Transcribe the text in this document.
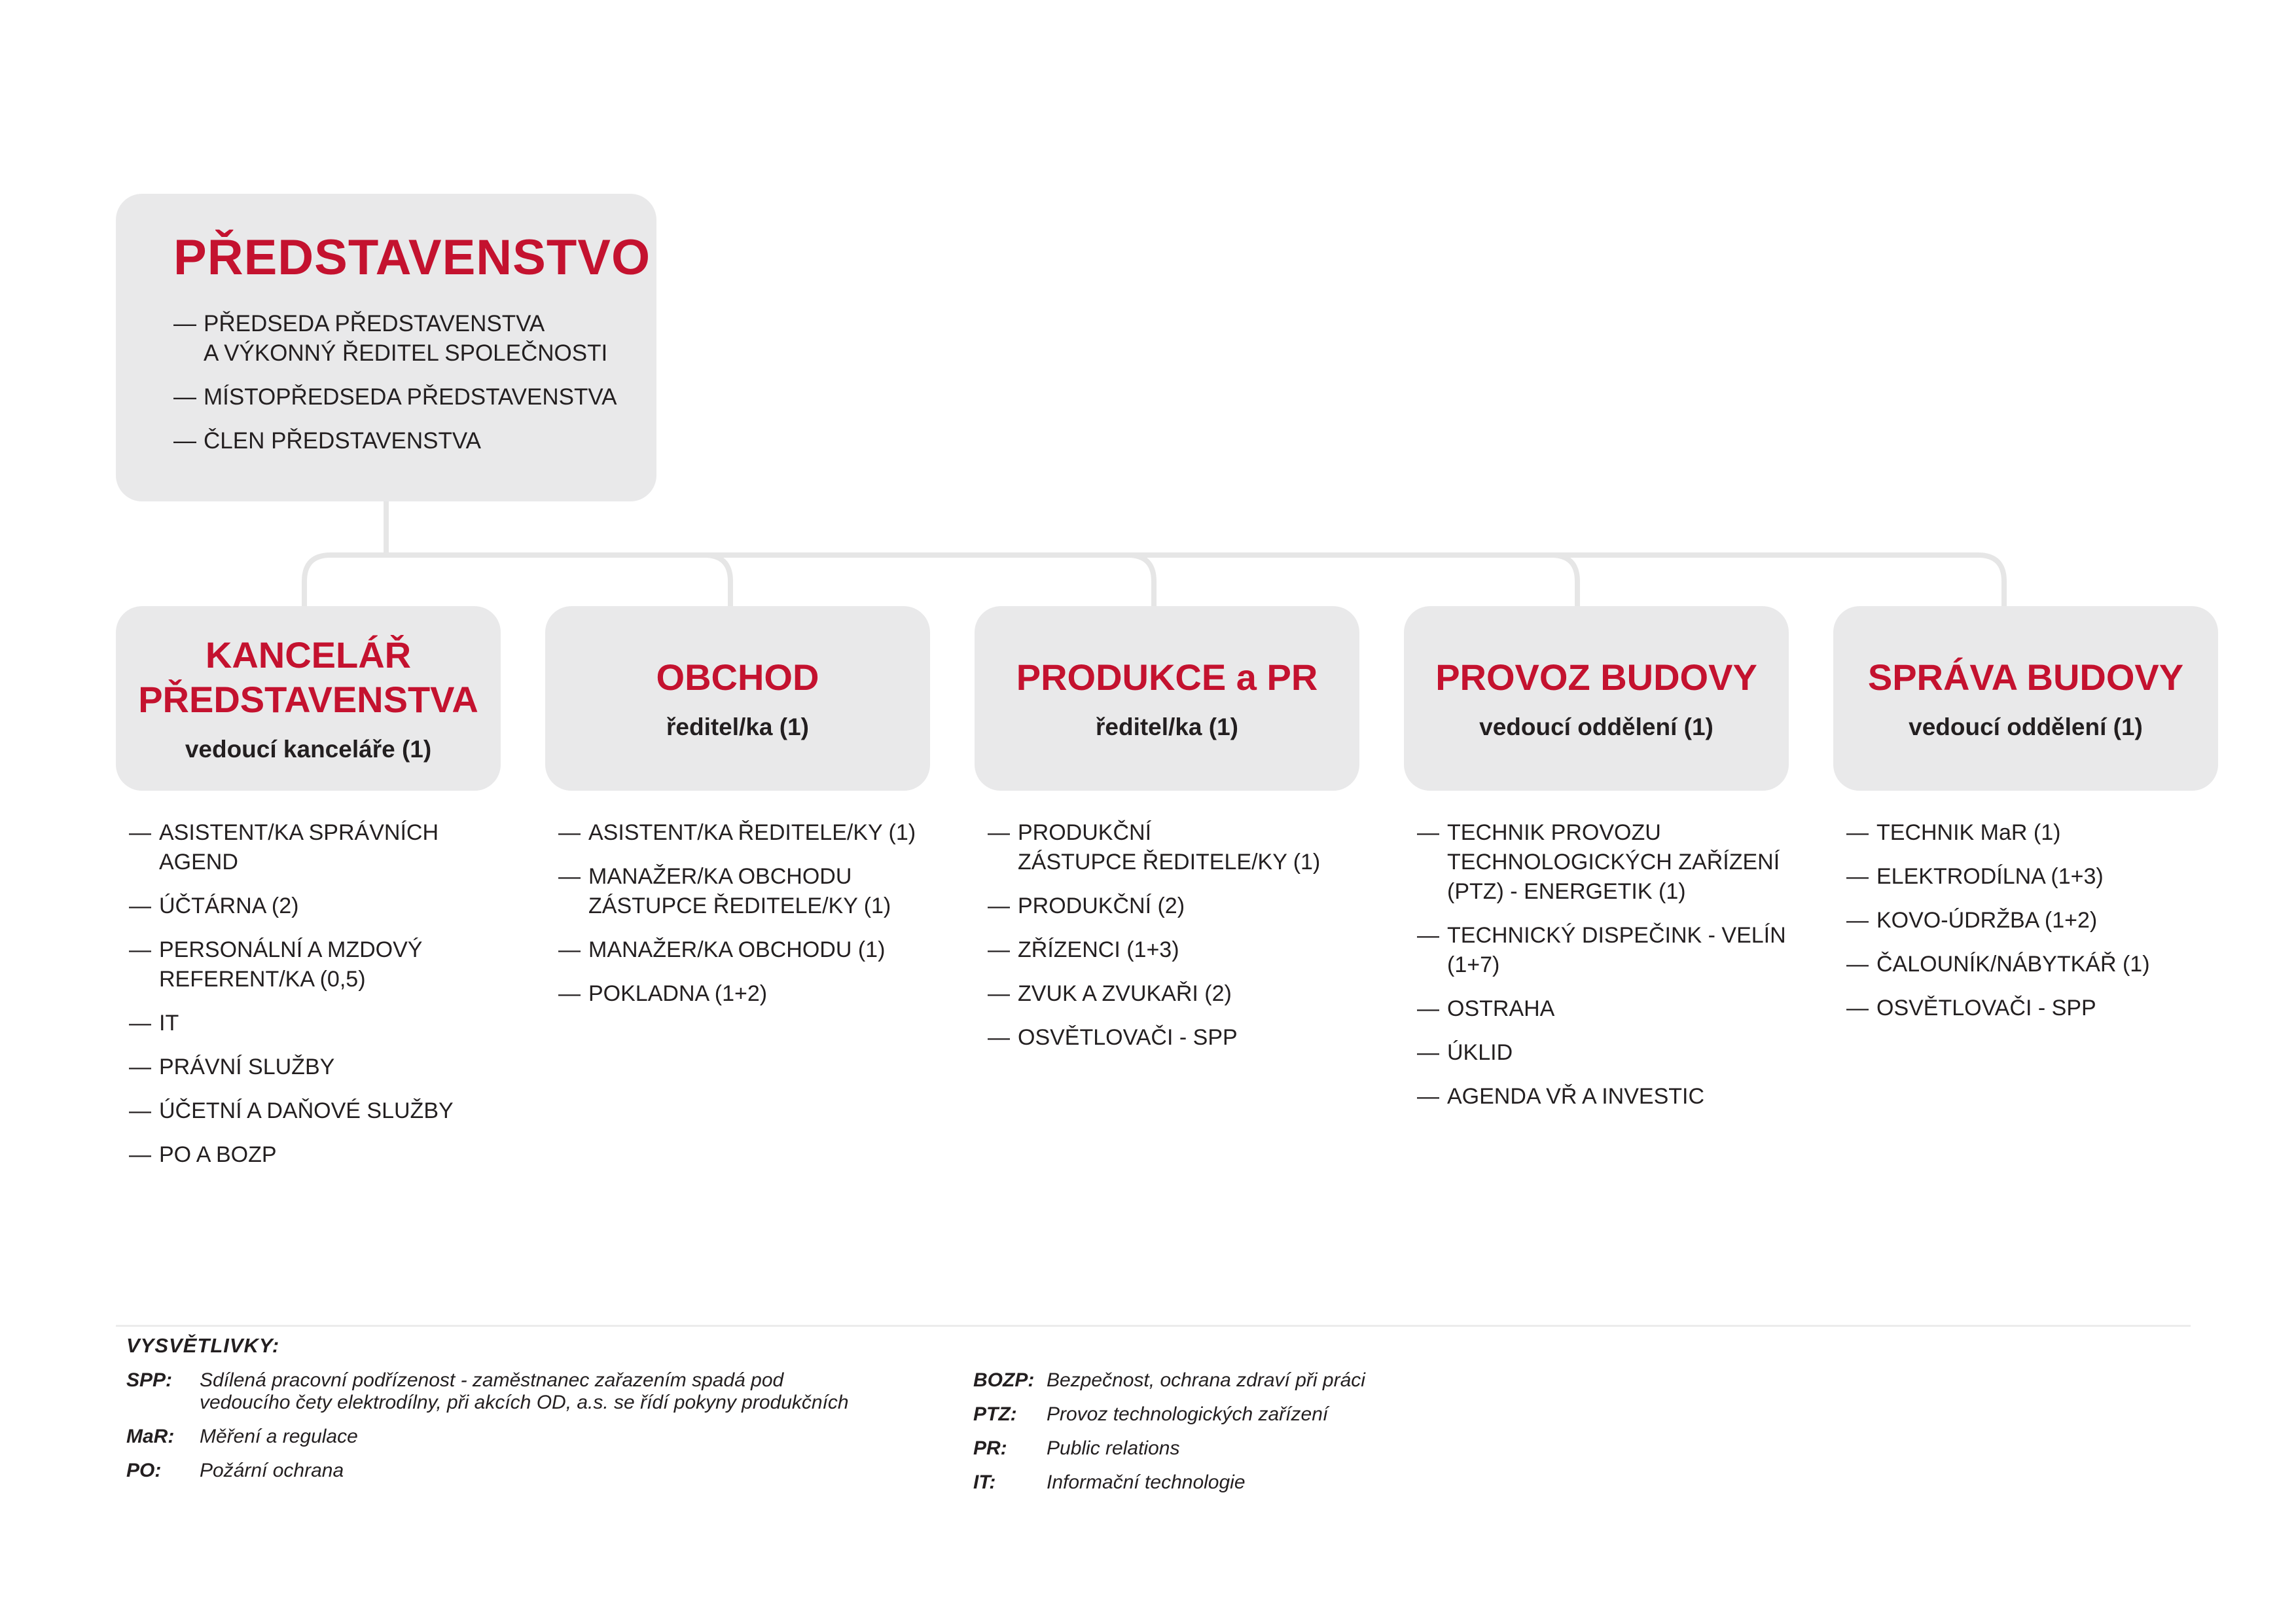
PŘEDSTAVENSTVO
— PŘEDSEDA PŘEDSTAVENSTVA
A VÝKONNÝ ŘEDITEL SPOLEČNOSTI
— MÍSTOPŘEDSEDA PŘEDSTAVENSTVA
— ČLEN PŘEDSTAVENSTVA
KANCELÁŘ
PŘEDSTAVENSTVA
vedoucí kanceláře (1)
— ASISTENT/KA SPRÁVNÍCH
AGEND
— ÚČTÁRNA (2)
— PERSONÁLNÍ A MZDOVÝ
REFERENT/KA (0,5)
— IT
— PRÁVNÍ SLUŽBY
— ÚČETNÍ A DAŇOVÉ SLUŽBY
— PO A BOZP
OBCHOD
ředitel/ka (1)
— ASISTENT/KA ŘEDITELE/KY (1)
— MANAŽER/KA OBCHODU
ZÁSTUPCE ŘEDITELE/KY (1)
— MANAŽER/KA OBCHODU (1)
— POKLADNA (1+2)
PRODUKCE a PR
ředitel/ka (1)
— PRODUKČNÍ
ZÁSTUPCE ŘEDITELE/KY (1)
— PRODUKČNÍ (2)
— ZŘÍZENCI (1+3)
— ZVUK A ZVUKAŘI (2)
— OSVĚTLOVAČI - SPP
PROVOZ BUDOVY
vedoucí oddělení (1)
— TECHNIK PROVOZU
TECHNOLOGICKÝCH ZAŘÍZENÍ
(PTZ) - ENERGETIK (1)
— TECHNICKÝ DISPEČINK - VELÍN
(1+7)
— OSTRAHA
— ÚKLID
— AGENDA VŘ A INVESTIC
SPRÁVA BUDOVY
vedoucí oddělení (1)
— TECHNIK MaR (1)
— ELEKTRODÍLNA (1+3)
— KOVO-ÚDRŽBA (1+2)
— ČALOUNÍK/NÁBYTKÁŘ (1)
— OSVĚTLOVAČI - SPP
VYSVĚTLIVKY:
SPP:	Sdílená pracovní podřízenost - zaměstnanec zařazením spadá pod
vedoucího čety elektrodílny, při akcích OD, a.s. se řídí pokyny produkčních
MaR:	Měření a regulace
PO:	Požární ochrana
BOZP: Bezpečnost, ochrana zdraví při práci
PTZ:	Provoz technologických zařízení
PR:	Public relations
IT:	Informační technologie
